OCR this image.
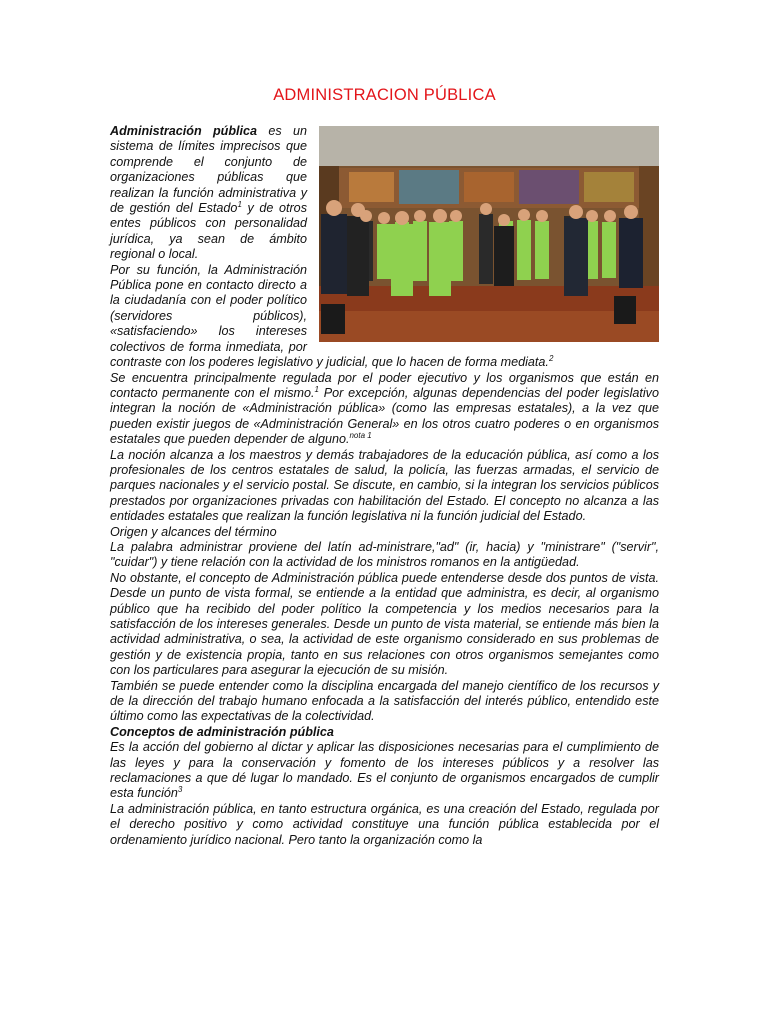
ADMINISTRACION PÚBLICA

Administración pública es un sistema de límites imprecisos que comprende el conjunto de organizaciones públicas que realizan la función administrativa y de gestión del Estado$^1$ y de otros entes públicos con personalidad jurídica, ya sean de ámbito regional o local.

Por su función, la Administración Pública pone en contacto directo a la ciudadanía con el poder político (servidores públicos), «satisfaciendo» los intereses colectivos de forma inmediata, por contraste con los poderes legislativo y judicial, que lo hacen de forma mediata.$^2$

Se encuentra principalmente regulada por el poder ejecutivo y los organismos que están en contacto permanente con el mismo.$^1$ Por excepción, algunas dependencias del poder legislativo integran la noción de «Administración pública» (como las empresas estatales), a la vez que pueden existir juegos de «Administración General» en los otros cuatro poderes o en organismos estatales que pueden depender de alguno.$^{nota 1}$

La noción alcanza a los maestros y demás trabajadores de la educación pública, así como a los profesionales de los centros estatales de salud, la policía, las fuerzas armadas, el servicio de parques nacionales y el servicio postal. Se discute, en cambio, si la integran los servicios públicos prestados por organizaciones privadas con habilitación del Estado. El concepto no alcanza a las entidades estatales que realizan la función legislativa ni la función judicial del Estado.

Origen y alcances del término

La palabra administrar proviene del latín ad-ministrare,"ad" (ir, hacia) y "ministrare" ("servir", "cuidar") y tiene relación con la actividad de los ministros romanos en la antigüedad.

No obstante, el concepto de Administración pública puede entenderse desde dos puntos de vista. Desde un punto de vista formal, se entiende a la entidad que administra, es decir, al organismo público que ha recibido del poder político la competencia y los medios necesarios para la satisfacción de los intereses generales. Desde un punto de vista material, se entiende más bien la actividad administrativa, o sea, la actividad de este organismo considerado en sus problemas de gestión y de existencia propia, tanto en sus relaciones con otros organismos semejantes como con los particulares para asegurar la ejecución de su misión.

También se puede entender como la disciplina encargada del manejo científico de los recursos y de la dirección del trabajo humano enfocada a la satisfacción del interés público, entendido este último como las expectativas de la colectividad.

Conceptos de administración pública

Es la acción del gobierno al dictar y aplicar las disposiciones necesarias para el cumplimiento de las leyes y para la conservación y fomento de los intereses públicos y a resolver las reclamaciones a que dé lugar lo mandado. Es el conjunto de organismos encargados de cumplir esta función$^3$

La administración pública, en tanto estructura orgánica, es una creación del Estado, regulada por el derecho positivo y como actividad constituye una función pública establecida por el ordenamiento jurídico nacional. Pero tanto la organización como la
